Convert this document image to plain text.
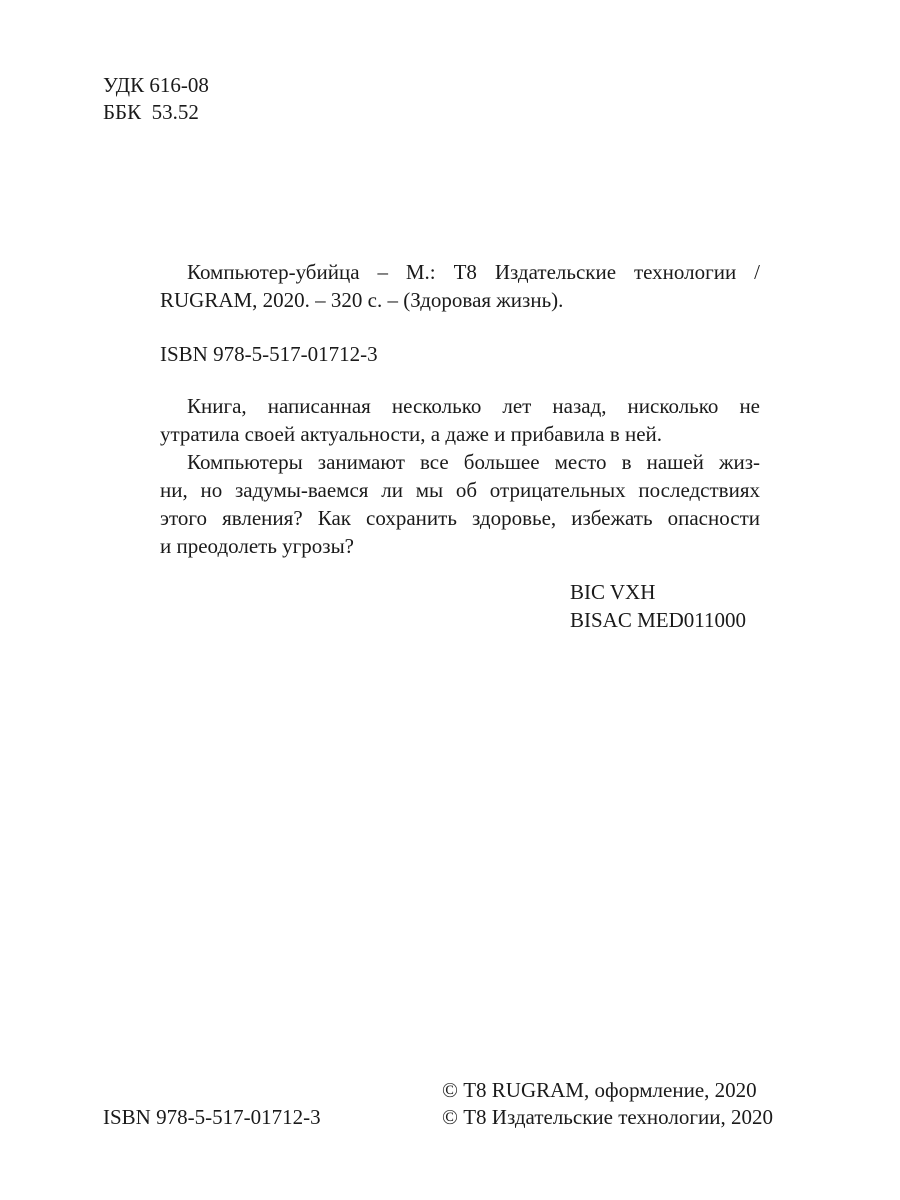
УДК 616-08
ББК  53.52
Компьютер-убийца – М.: Т8 Издательские технологии /
RUGRAM, 2020. – 320 с. – (Здоровая жизнь).
ISBN 978-5-517-01712-3
Книга, написанная несколько лет назад, нисколько не
утратила своей актуальности, а даже и прибавила в ней.
Компьютеры занимают все большее место в нашей жиз-
ни, но задумы-ваемся ли мы об отрицательных последствиях
этого явления? Как сохранить здоровье, избежать опасности
и преодолеть угрозы?
BIC VXH
BISAC MED011000
© Т8 RUGRAM, оформление, 2020
© Т8 Издательские технологии, 2020
ISBN 978-5-517-01712-3
